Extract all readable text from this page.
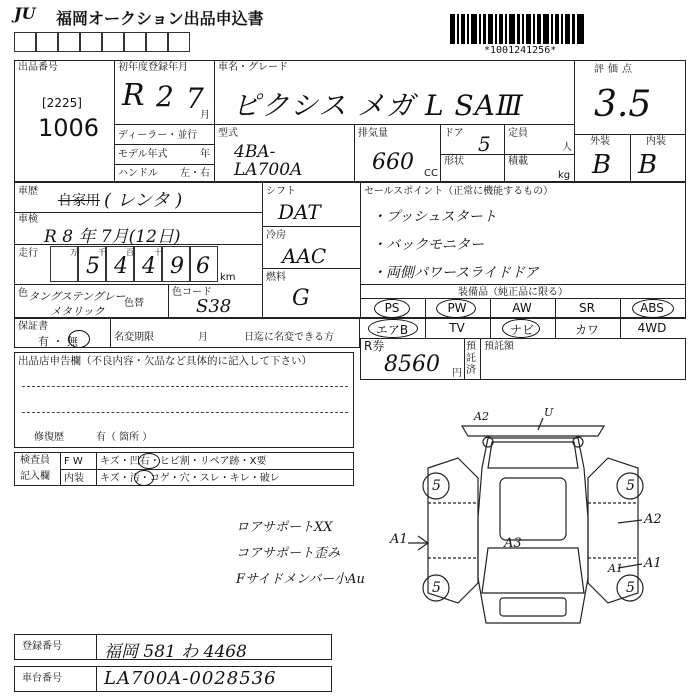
JU 福岡オークション出品申込書
*1001241256*
出品番号
[2225]
1006
初年度登録年月
R 2 7
月
車名・グレード
ピクシス メガ L SAⅢ
評価点
3.5
外装	内装
B B
ディーラー・並行
モデル年式	年
ハンドル 左・右
型式
4BA-
LA700A
排気量
660 CC
ドア 5
形状
定員
人
積載
kg
車歴
自家用 ( レンタ )
車検
R 8 年 7月(12日)
走行	万	千	百	十
5 4 4 9 6 km
色 タングステングレー
メタリック
色替
色コード
S38
シフト
DAT
冷房
AAC
燃料
G
セールスポイント（正常に機能するもの）
・プッシュスタート
・バックモニター
・両側パワースライドドア
装備品（純正品に限る）
PS	PW	AW	SR	ABS
エアB	TV	ナビ	カワ	4WD
保証書
有 ・ 無	名変期限	月	日迄に名変できる方
R券
8560 円
預託済
預託額
出品店申告欄（不良内容・欠品など具体的に記入して下さい）
修復歴	有（ 箇所 ）
検査員
記入欄
F W キズ・凹右・ヒビ割・リペア跡・X要
内装 キズ・汚・コゲ・穴・スレ・キレ・破レ
ロアサポートXX
コアサポート歪み
Fサイドメンバー小Au
A2	U
A2
A1	A3
A1
A1
5	5
5	5
登録番号 福岡 581 わ 4468
車台番号 LA700A-0028536
